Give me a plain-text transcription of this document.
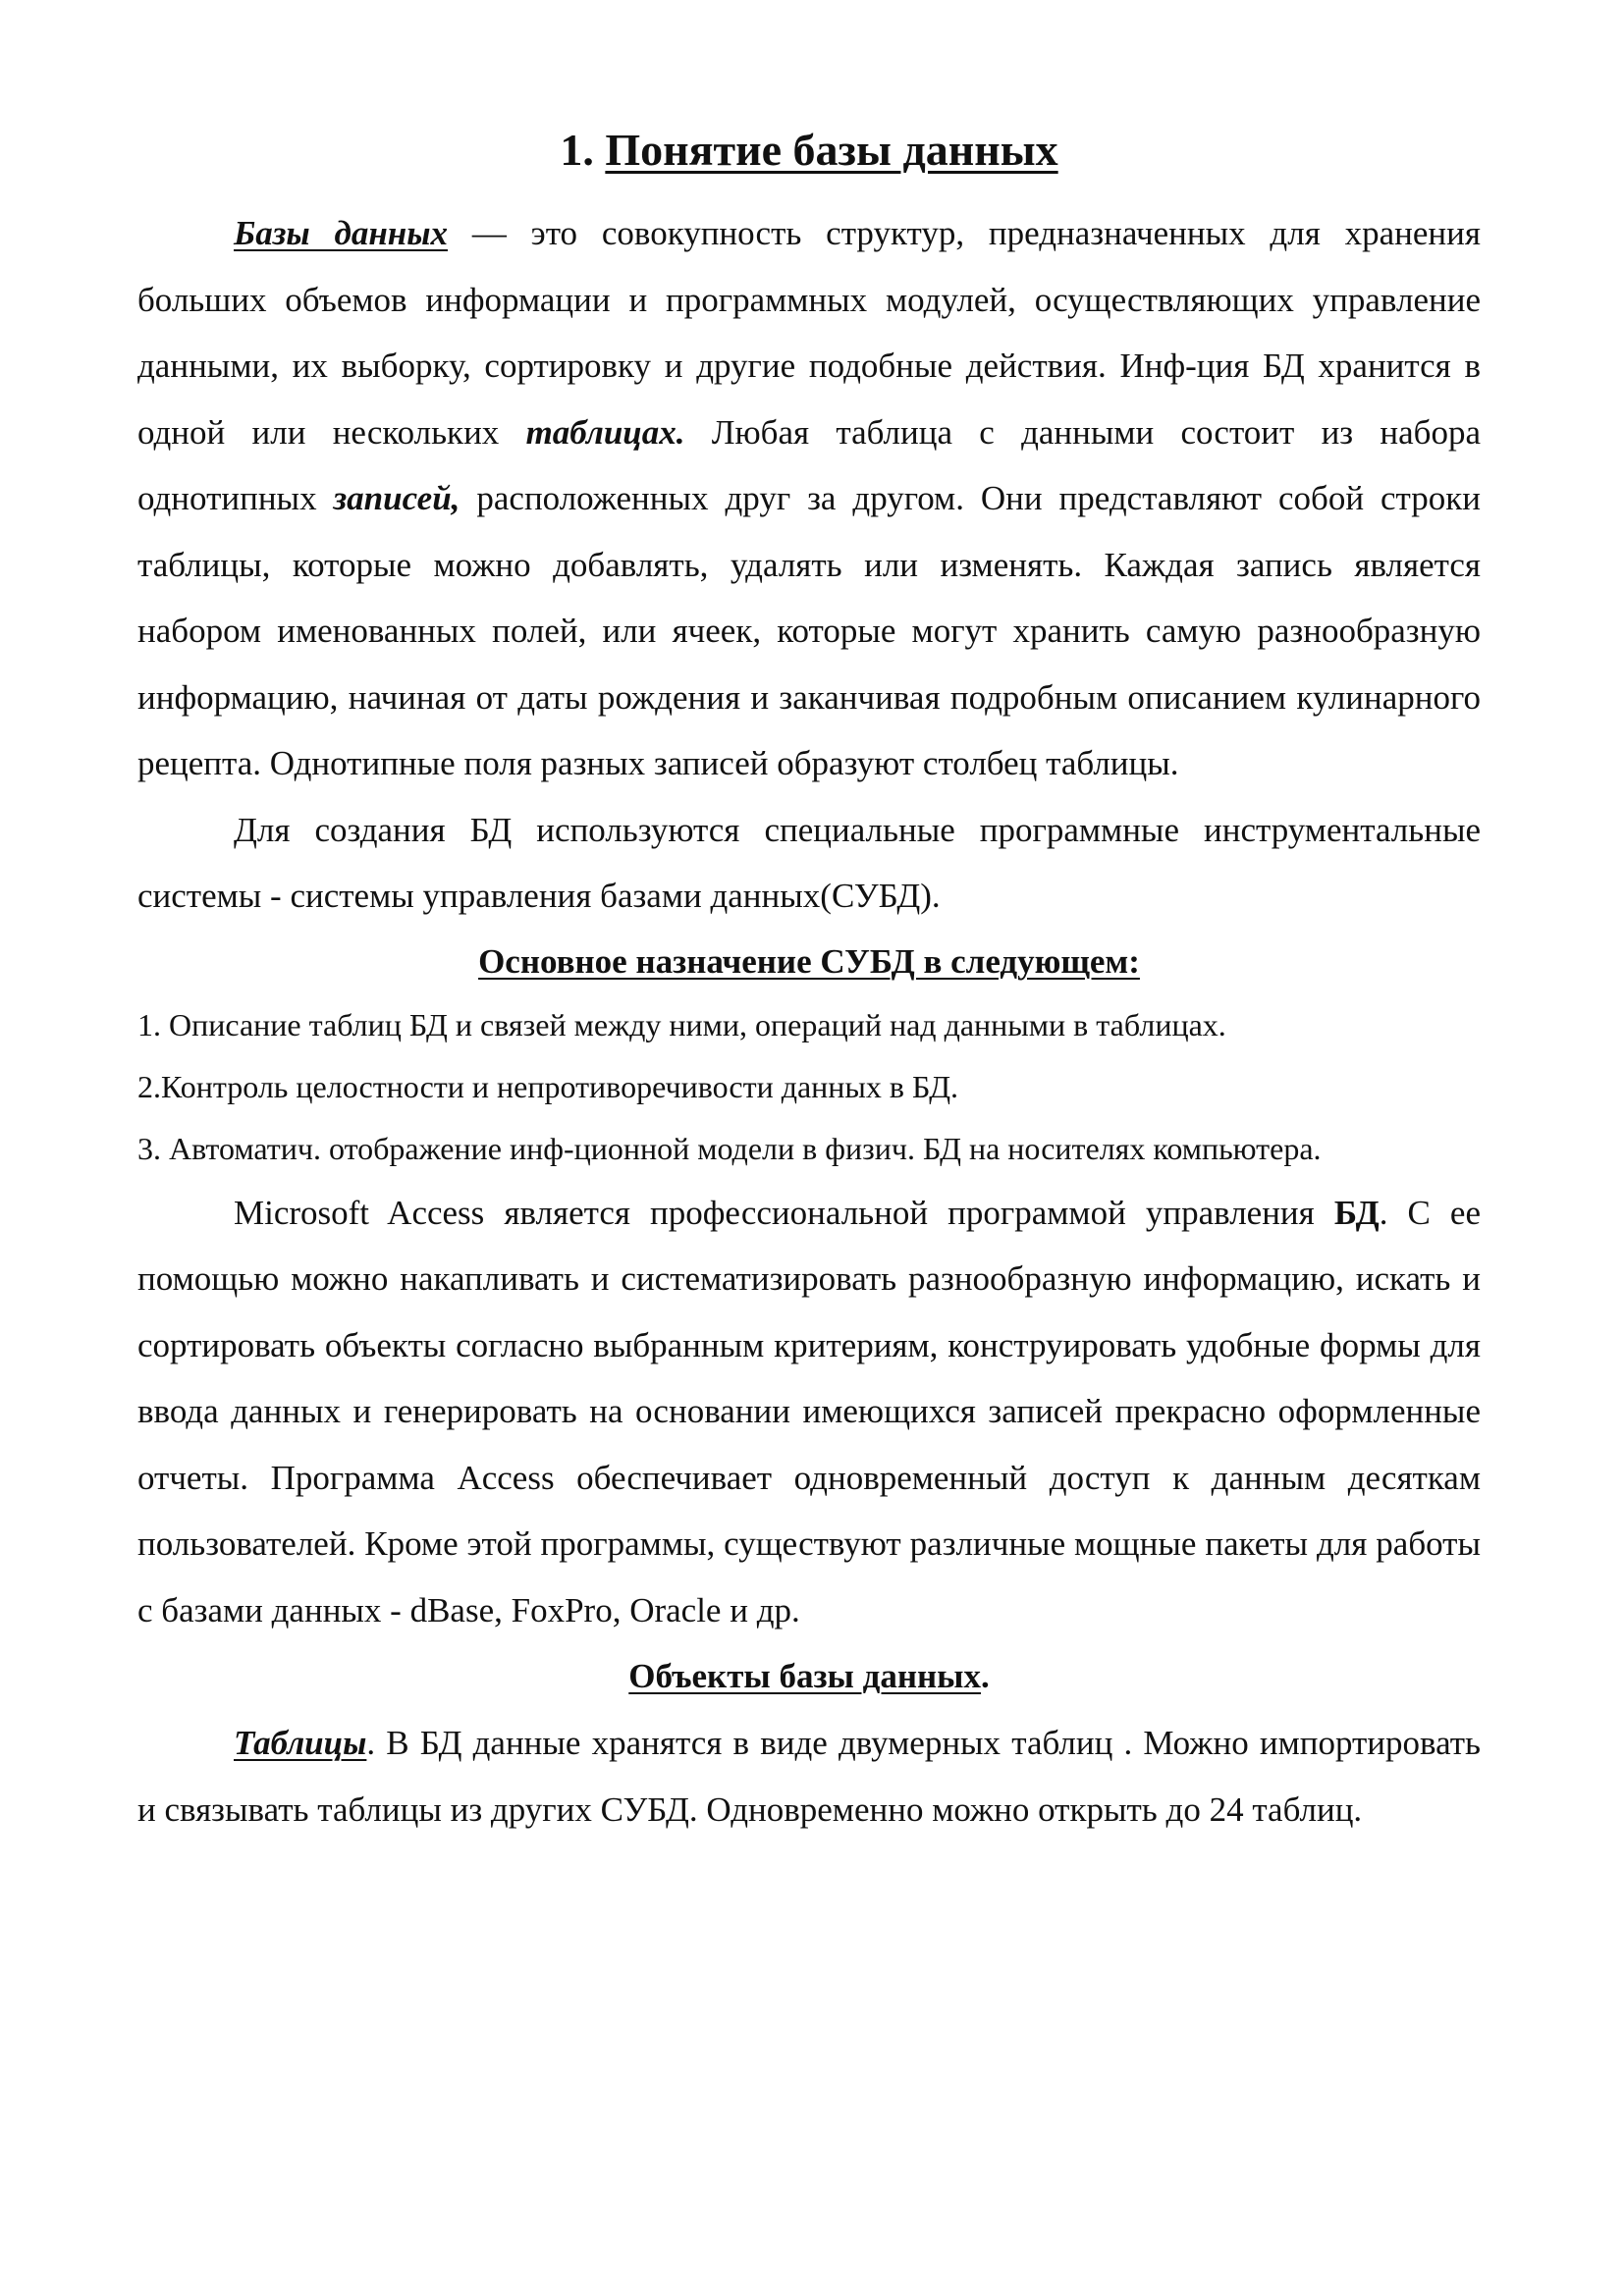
1. Понятие базы данных

Базы данных — это совокупность структур, предназначенных для хранения больших объемов информации и программных модулей, осуществляющих управление данными, их выборку, сортировку и другие подобные действия. Инф-ция БД хранится в одной или нескольких таблицах. Любая таблица с данными состоит из набора однотипных записей, расположенных друг за другом. Они представляют собой строки таблицы, которые можно добавлять, удалять или изменять. Каждая запись является набором именованных полей, или ячеек, которые могут хранить самую разнообразную информацию, начиная от даты рождения и заканчивая подробным описанием кулинарного рецепта. Однотипные поля разных записей образуют столбец таблицы.

Для создания БД используются специальные программные инструментальные системы - системы управления базами данных(СУБД).

Основное назначение СУБД в следующем:

1. Описание таблиц БД и связей между ними, операций над данными в таблицах.

2.Контроль целостности и непротиворечивости данных в БД.

3. Автоматич. отображение инф-ционной модели в физич. БД на носителях компьютера.

Microsoft Access является профессиональной программой управления БД. С ее помощью можно накапливать и систематизировать разнообразную информацию, искать и сортировать объекты согласно выбранным критериям, конструировать удобные формы для ввода данных и генерировать на основании имеющихся записей прекрасно оформленные отчеты. Программа Access обеспечивает одновременный доступ к данным десяткам пользователей. Кроме этой программы, существуют различные мощные пакеты для работы с базами данных - dBase, FoxPro, Oracle и др.

Объекты базы данных.

Таблицы. В БД данные хранятся в виде двумерных таблиц . Можно импортировать и связывать таблицы из других СУБД. Одновременно можно открыть до 24 таблиц.
